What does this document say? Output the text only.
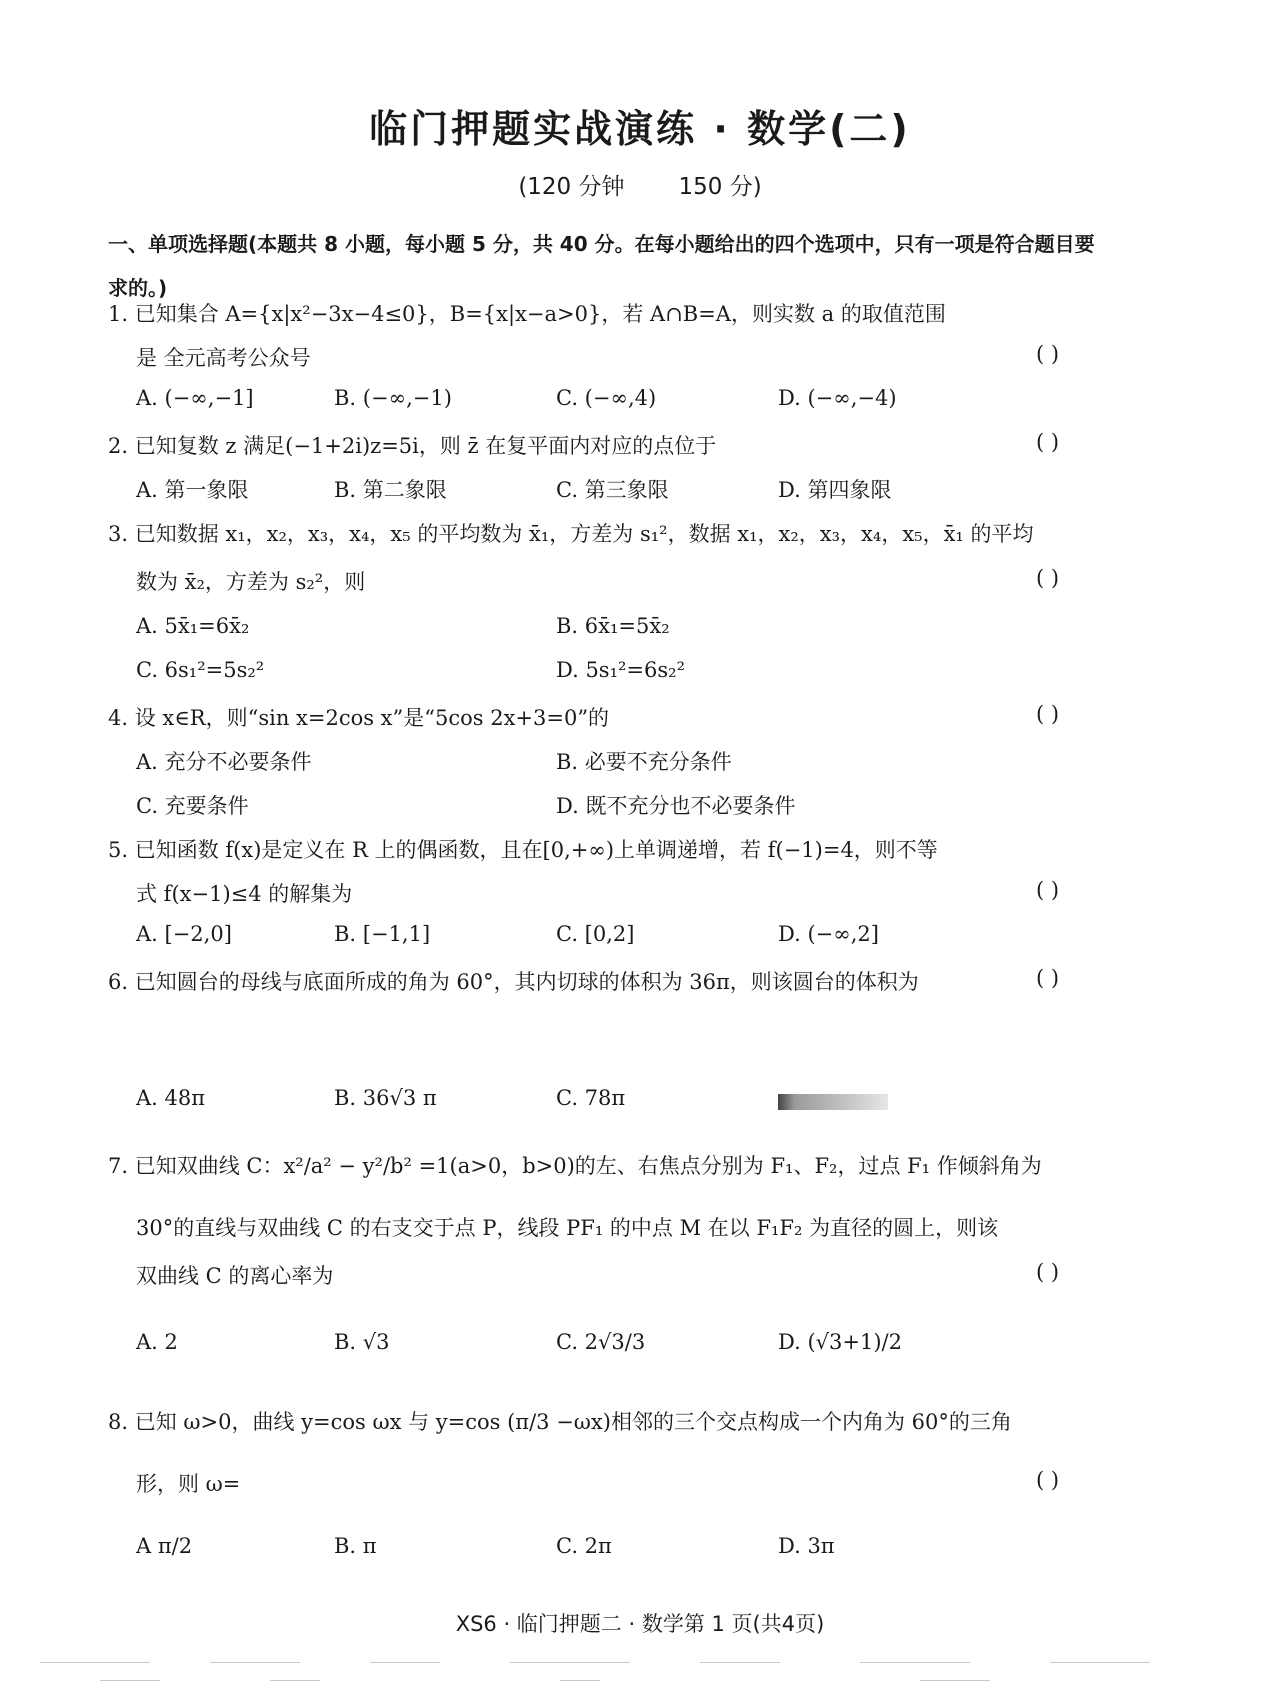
临门押题实战演练 · 数学(二)
(120 分钟 150 分)
一、单项选择题(本题共 8 小题，每小题 5 分，共 40 分。在每小题给出的四个选项中，只有一项是符合题目要求的。)
1. 已知集合 A={x|x²−3x−4≤0}，B={x|x−a>0}，若 A∩B=A，则实数 a 的取值范围
是 全元高考公众号	( )
A. (−∞,−1]	B. (−∞,−1)	C. (−∞,4)	D. (−∞,−4)
2. 已知复数 z 满足(−1+2i)z=5i，则 z̄ 在复平面内对应的点位于	( )
A. 第一象限	B. 第二象限	C. 第三象限	D. 第四象限
3. 已知数据 x₁，x₂，x₃，x₄，x₅ 的平均数为 x̄₁，方差为 s₁²，数据 x₁，x₂，x₃，x₄，x₅，x̄₁ 的平均
数为 x̄₂，方差为 s₂²，则	( )
A. 5x̄₁=6x̄₂	B. 6x̄₁=5x̄₂
C. 6s₁²=5s₂²	D. 5s₁²=6s₂²
4. 设 x∈R，则“sin x=2cos x”是“5cos 2x+3=0”的	( )
A. 充分不必要条件	B. 必要不充分条件
C. 充要条件	D. 既不充分也不必要条件
5. 已知函数 f(x)是定义在 R 上的偶函数，且在[0,+∞)上单调递增，若 f(−1)=4，则不等
式 f(x−1)≤4 的解集为	( )
A. [−2,0]	B. [−1,1]	C. [0,2]	D. (−∞,2]
6. 已知圆台的母线与底面所成的角为 60°，其内切球的体积为 36π，则该圆台的体积为	( )
A. 48π	B. 36√3 π	C. 78π
7. 已知双曲线 C：x²/a² − y²/b² =1(a>0，b>0)的左、右焦点分别为 F₁、F₂，过点 F₁ 作倾斜角为
30°的直线与双曲线 C 的右支交于点 P，线段 PF₁ 的中点 M 在以 F₁F₂ 为直径的圆上，则该
双曲线 C 的离心率为	( )
A. 2	B. √3	C. 2√3/3	D. (√3+1)/2
8. 已知 ω>0，曲线 y=cos ωx 与 y=cos (π/3 −ωx)相邻的三个交点构成一个内角为 60°的三角
形，则 ω=	( )
A π/2	B. π	C. 2π	D. 3π
XS6 · 临门押题二 · 数学第 1 页(共4页)
